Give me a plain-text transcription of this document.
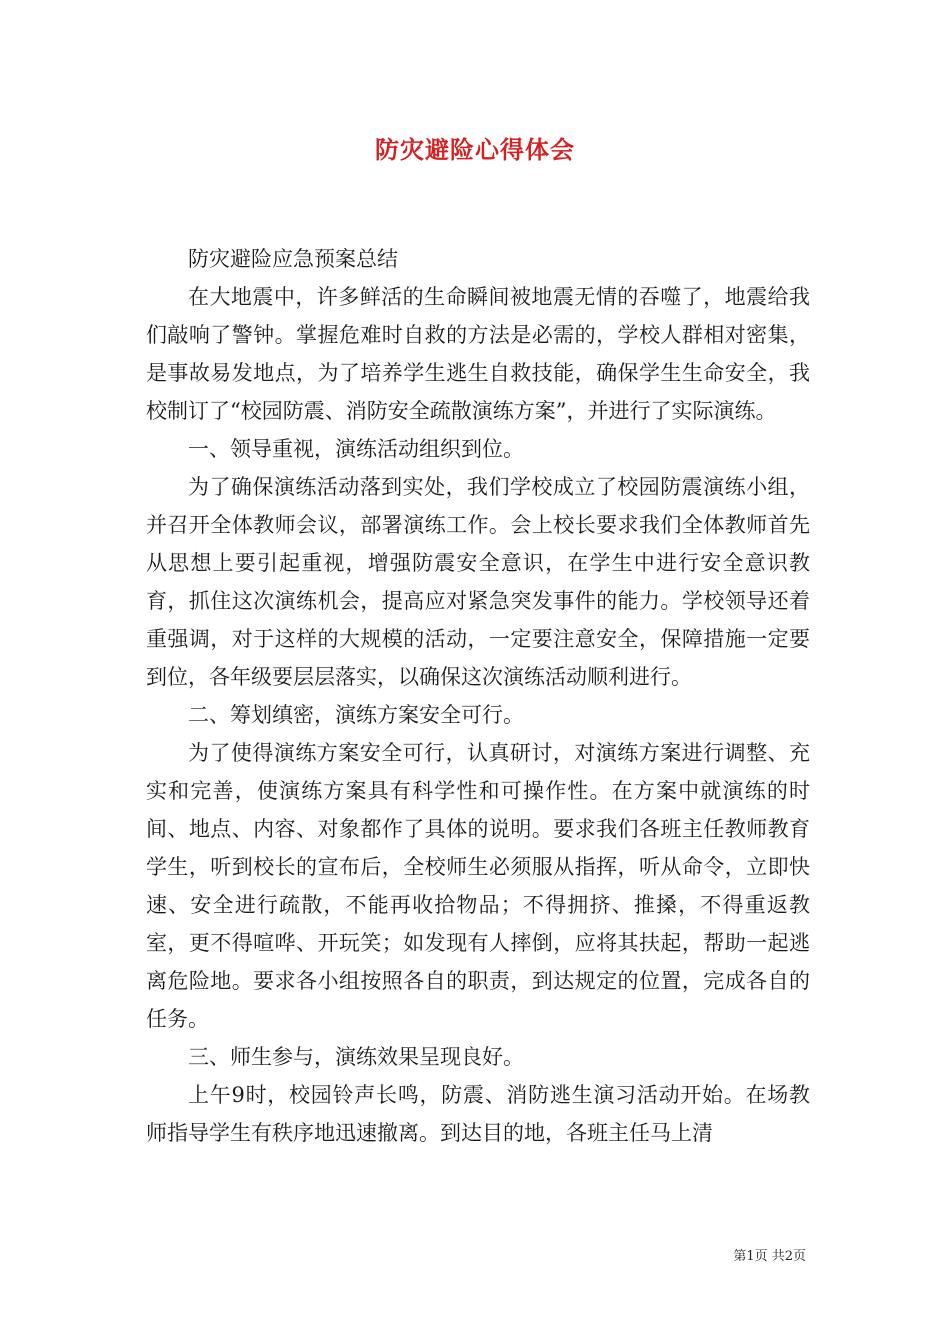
防灾避险心得体会

防灾避险应急预案总结

在大地震中，许多鲜活的生命瞬间被地震无情的吞噬了，地震给我们敲响了警钟。掌握危难时自救的方法是必需的，学校人群相对密集，是事故易发地点，为了培养学生逃生自救技能，确保学生生命安全，我校制订了“校园防震、消防安全疏散演练方案”，并进行了实际演练。

一、领导重视，演练活动组织到位。

为了确保演练活动落到实处，我们学校成立了校园防震演练小组，并召开全体教师会议，部署演练工作。会上校长要求我们全体教师首先从思想上要引起重视，增强防震安全意识，在学生中进行安全意识教育，抓住这次演练机会，提高应对紧急突发事件的能力。学校领导还着重强调，对于这样的大规模的活动，一定要注意安全，保障措施一定要到位，各年级要层层落实，以确保这次演练活动顺利进行。

二、筹划缜密，演练方案安全可行。

为了使得演练方案安全可行，认真研讨，对演练方案进行调整、充实和完善，使演练方案具有科学性和可操作性。在方案中就演练的时间、地点、内容、对象都作了具体的说明。要求我们各班主任教师教育学生，听到校长的宣布后，全校师生必须服从指挥，听从命令，立即快速、安全进行疏散，不能再收拾物品；不得拥挤、推搡，不得重返教室，更不得喧哗、开玩笑；如发现有人摔倒，应将其扶起，帮助一起逃离危险地。要求各小组按照各自的职责，到达规定的位置，完成各自的任务。

三、师生参与，演练效果呈现良好。

上午9时，校园铃声长鸣，防震、消防逃生演习活动开始。在场教师指导学生有秩序地迅速撤离。到达目的地，各班主任马上清

第1页 共2页
